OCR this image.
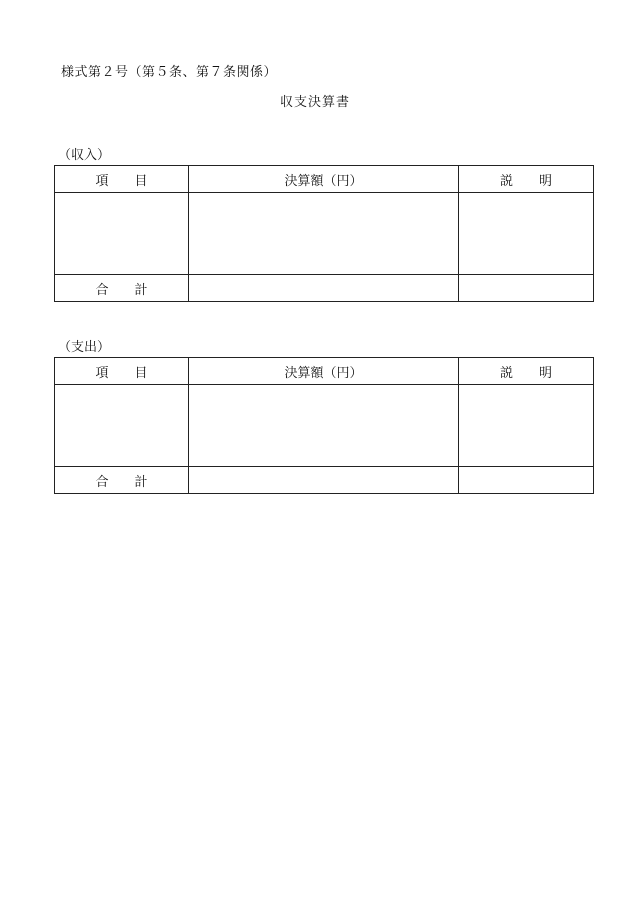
様式第２号（第５条、第７条関係）
収支決算書
（収入）
項　　目	決算額（円）	説　　明

合　　計		
（支出）
項　　目	決算額（円）	説　　明

合　　計		
